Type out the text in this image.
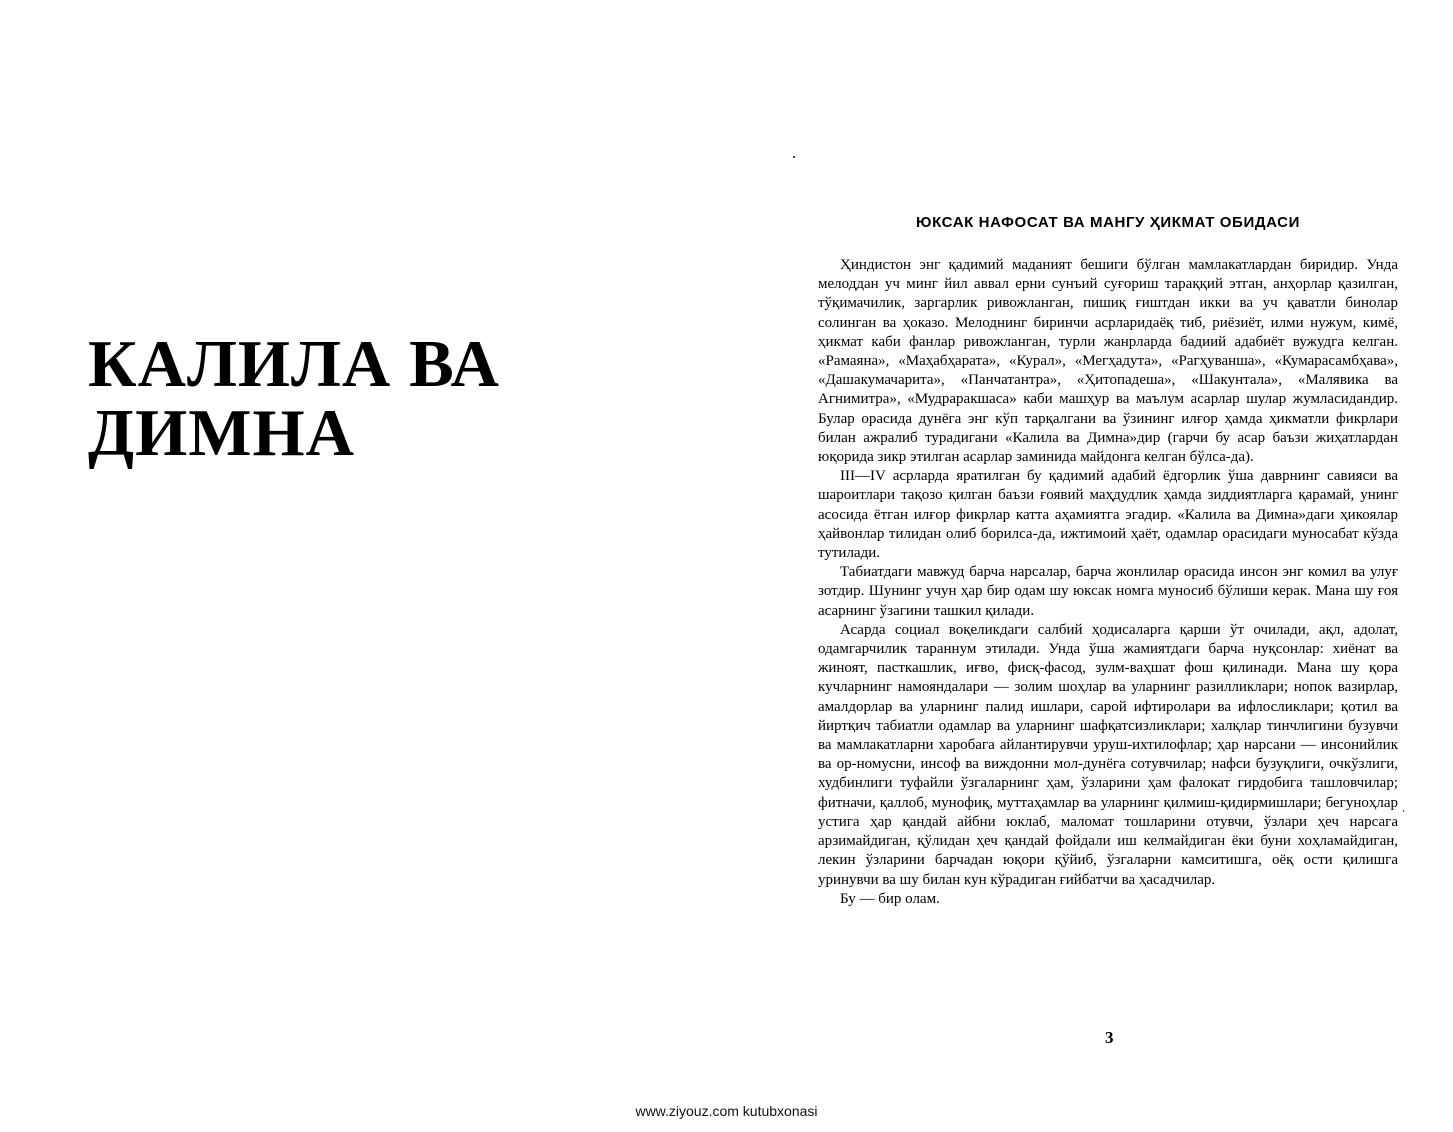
КАЛИЛА ВА
ДИМНА
ЮКСАК НАФОСАТ ВА МАНГУ ҲИКМАТ ОБИДАСИ

Ҳиндистон энг қадимий маданият бешиги бўлган мамлакатлардан биридир. Унда мелоддан уч минг йил аввал ерни сунъий суғориш тараққий этган, анҳорлар қазилган, тўқимачилик, заргарлик ривожланган, пишиқ ғиштдан икки ва уч қаватли бинолар солинган ва ҳоказо. Мелоднинг биринчи асрларидаёқ тиб, риёзиёт, илми нужум, кимё, ҳикмат каби фанлар ривожланган, турли жанрларда бадиий адабиёт вужудга келган. «Рамаяна», «Маҳабҳарата», «Курал», «Мегҳадута», «Рагҳуванша», «Кумарасамбҳава», «Дашакумачарита», «Панчатантра», «Ҳитопадеша», «Шакунтала», «Малявика ва Агнимитра», «Мудраракшаса» каби машҳур ва маълум асарлар шулар жумласидандир. Булар орасида дунёга энг кўп тарқалгани ва ўзининг илғор ҳамда ҳикматли фикрлари билан ажралиб турадигани «Калила ва Димна»дир (гарчи бу асар баъзи жиҳатлардан юқорида зикр этилган асарлар заминида майдонга келган бўлса-да).

III—IV асрларда яратилган бу қадимий адабий ёдгорлик ўша даврнинг савияси ва шароитлари тақозо қилган баъзи ғоявий маҳдудлик ҳамда зиддиятларга қарамай, унинг асосида ётган илғор фикрлар катта аҳамиятга эгадир. «Калила ва Димна»даги ҳикоялар ҳайвонлар тилидан олиб борилса-да, ижтимоий ҳаёт, одамлар орасидаги муносабат кўзда тутилади.

Табиатдаги мавжуд барча нарсалар, барча жонлилар орасида инсон энг комил ва улуғ зотдир. Шунинг учун ҳар бир одам шу юксак номга муносиб бўлиши керак. Мана шу ғоя асарнинг ўзагини ташкил қилади.

Асарда социал воқеликдаги салбий ҳодисаларга қарши ўт очилади, ақл, адолат, одамгарчилик тараннум этилади. Унда ўша жамиятдаги барча нуқсонлар: хиёнат ва жиноят, пасткашлик, иғво, фисқ-фасод, зулм-ваҳшат фош қилинади. Мана шу қора кучларнинг намояндалари — золим шоҳлар ва уларнинг разилликлари; нопок вазирлар, амалдорлар ва уларнинг палид ишлари, сарой ифтиролари ва ифлосликлари; қотил ва йиртқич табиатли одамлар ва уларнинг шафқатсизликлари; халқлар тинчлигини бузувчи ва мамлакатларни харобага айлантирувчи уруш-ихтилофлар; ҳар нарсани — инсонийлик ва ор-номусни, инсоф ва виждонни мол-дунёга сотувчилар; нафси бузуқлиги, очкўзлиги, худбинлиги туфайли ўзгаларнинг ҳам, ўзларини ҳам фалокат гирдобига ташловчилар; фитначи, қаллоб, мунофиқ, муттаҳамлар ва уларнинг қилмиш-қидирмишлари; бегуноҳлар устига ҳар қандай айбни юклаб, маломат тошларини отувчи, ўзлари ҳеч нарсага арзимайдиган, қўлидан ҳеч қандай фойдали иш келмайдиган ёки буни хоҳламайдиган, лекин ўзларини барчадан юқори қўйиб, ўзгаларни камситишга, оёқ ости қилишга уринувчи ва шу билан кун кўрадиган ғийбатчи ва ҳасадчилар.

Бу — бир олам.

3
www.ziyouz.com kutubxonasi
